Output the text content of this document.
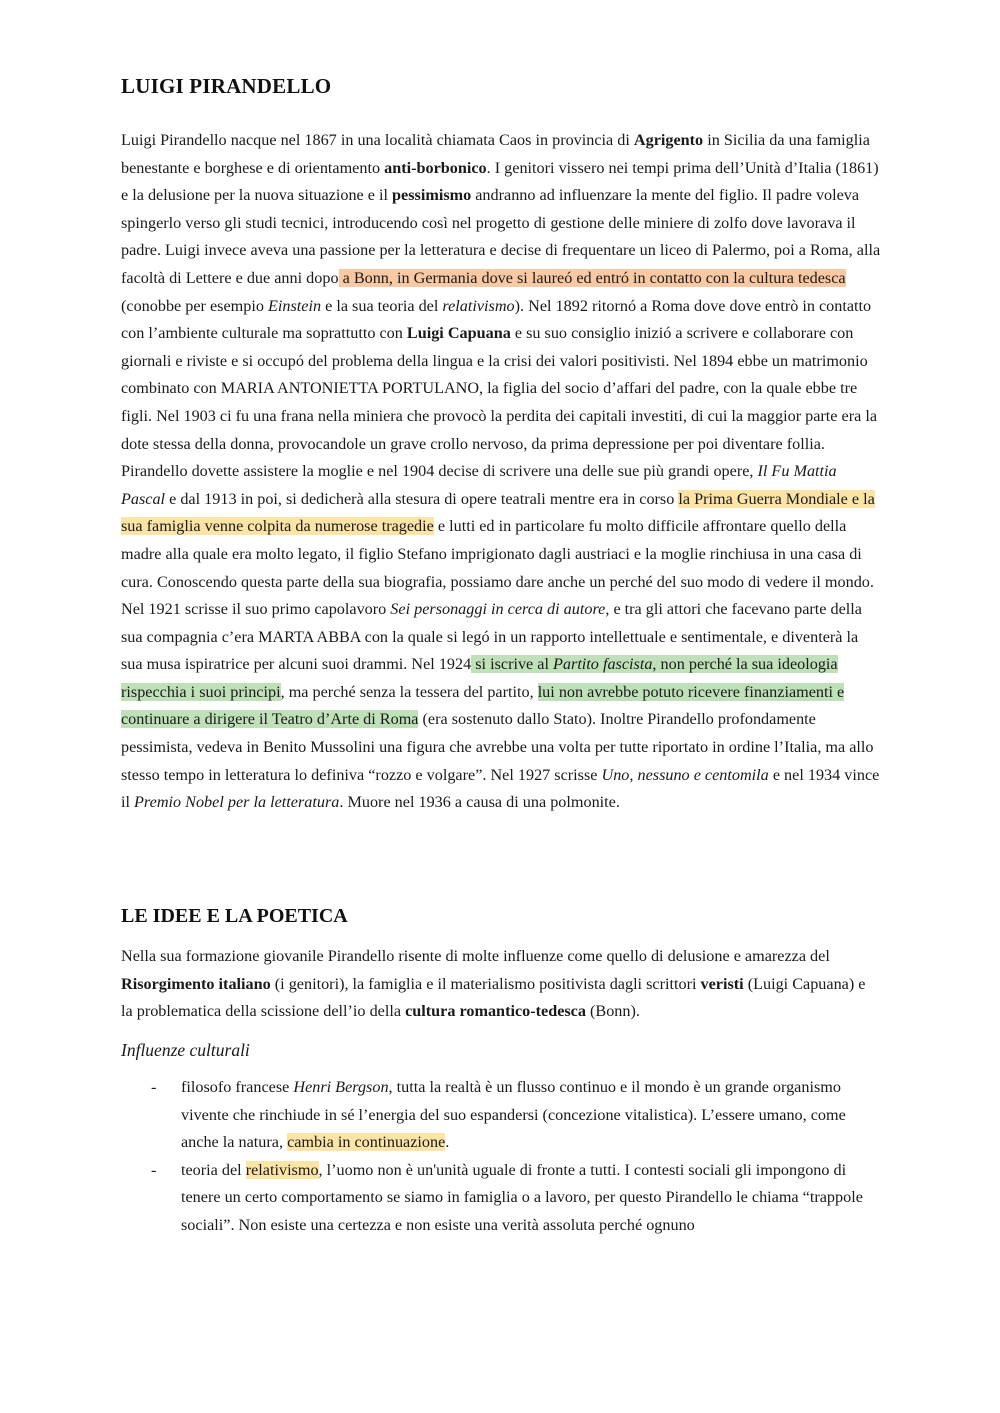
LUIGI PIRANDELLO

Luigi Pirandello nacque nel 1867 in una località chiamata Caos in provincia di Agrigento in Sicilia da una famiglia benestante e borghese e di orientamento anti-borbonico. I genitori vissero nei tempi prima dell’Unità d’Italia (1861) e la delusione per la nuova situazione e il pessimismo andranno ad influenzare la mente del figlio. Il padre voleva spingerlo verso gli studi tecnici, introducendo così nel progetto di gestione delle miniere di zolfo dove lavorava il padre. Luigi invece aveva una passione per la letteratura e decise di frequentare un liceo di Palermo, poi a Roma, alla facoltà di Lettere e due anni dopo a Bonn, in Germania dove si laureó ed entró in contatto con la cultura tedesca (conobbe per esempio Einstein e la sua teoria del relativismo). Nel 1892 ritornó a Roma dove dove entrò in contatto con l’ambiente culturale ma soprattutto con Luigi Capuana e su suo consiglio inizió a scrivere e collaborare con giornali e riviste e si occupó del problema della lingua e la crisi dei valori positivisti. Nel 1894 ebbe un matrimonio combinato con MARIA ANTONIETTA PORTULANO, la figlia del socio d’affari del padre, con la quale ebbe tre figli. Nel 1903 ci fu una frana nella miniera che provocò la perdita dei capitali investiti, di cui la maggior parte era la dote stessa della donna, provocandole un grave crollo nervoso, da prima depressione per poi diventare follia. Pirandello dovette assistere la moglie e nel 1904 decise di scrivere una delle sue più grandi opere, Il Fu Mattia Pascal e dal 1913 in poi, si dedicherà alla stesura di opere teatrali mentre era in corso la Prima Guerra Mondiale e la sua famiglia venne colpita da numerose tragedie e lutti ed in particolare fu molto difficile affrontare quello della madre alla quale era molto legato, il figlio Stefano imprigionato dagli austriaci e la moglie rinchiusa in una casa di cura. Conoscendo questa parte della sua biografia, possiamo dare anche un perché del suo modo di vedere il mondo. Nel 1921 scrisse il suo primo capolavoro Sei personaggi in cerca di autore, e tra gli attori che facevano parte della sua compagnia c’era MARTA ABBA con la quale si legó in un rapporto intellettuale e sentimentale, e diventerà la sua musa ispiratrice per alcuni suoi drammi. Nel 1924 si iscrive al Partito fascista, non perché la sua ideologia rispecchia i suoi principi, ma perché senza la tessera del partito, lui non avrebbe potuto ricevere finanziamenti e continuare a dirigere il Teatro d’Arte di Roma (era sostenuto dallo Stato). Inoltre Pirandello profondamente pessimista, vedeva in Benito Mussolini una figura che avrebbe una volta per tutte riportato in ordine l’Italia, ma allo stesso tempo in letteratura lo definiva “rozzo e volgare”. Nel 1927 scrisse Uno, nessuno e centomila e nel 1934 vince il Premio Nobel per la letteratura. Muore nel 1936 a causa di una polmonite.

LE IDEE E LA POETICA

Nella sua formazione giovanile Pirandello risente di molte influenze come quello di delusione e amarezza del Risorgimento italiano (i genitori), la famiglia e il materialismo positivista dagli scrittori veristi (Luigi Capuana) e la problematica della scissione dell’io della cultura romantico-tedesca (Bonn).

Influenze culturali

- filosofo francese Henri Bergson, tutta la realtà è un flusso continuo e il mondo è un grande organismo vivente che rinchiude in sé l’energia del suo espandersi (concezione vitalistica). L’essere umano, come anche la natura, cambia in continuazione.
- teoria del relativismo, l’uomo non è un'unità uguale di fronte a tutti. I contesti sociali gli impongono di tenere un certo comportamento se siamo in famiglia o a lavoro, per questo Pirandello le chiama “trappole sociali”. Non esiste una certezza e non esiste una verità assoluta perché ognuno
